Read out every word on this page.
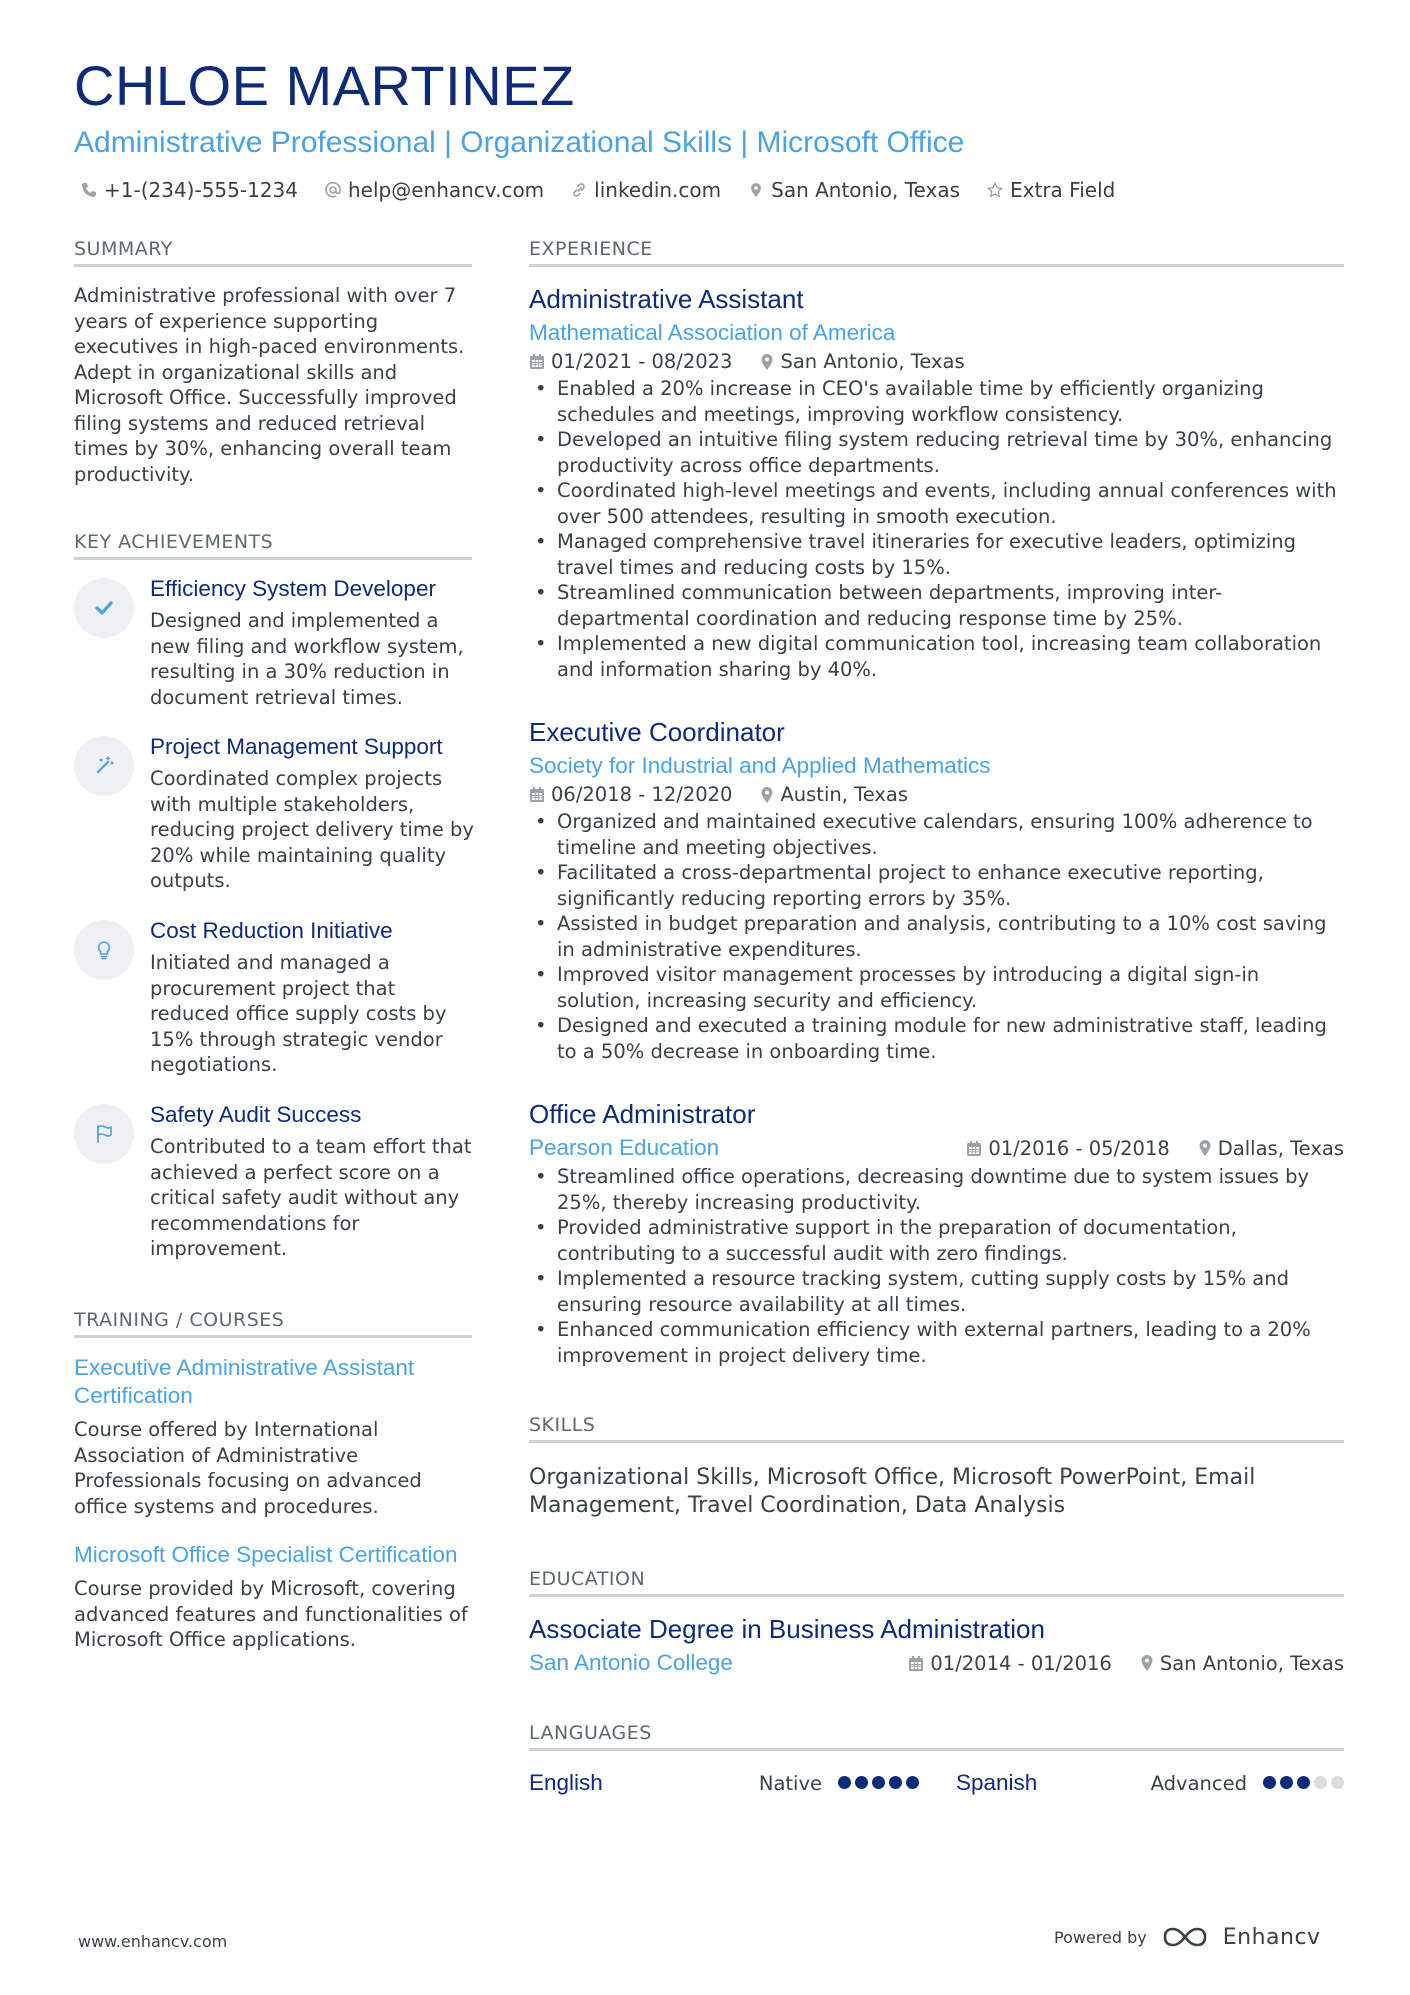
CHLOE MARTINEZ
Administrative Professional | Organizational Skills | Microsoft Office
+1-(234)-555-1234	help@enhancv.com	linkedin.com	San Antonio, Texas	Extra Field
SUMMARY
Administrative professional with over 7 years of experience supporting executives in high-paced environments. Adept in organizational skills and Microsoft Office. Successfully improved filing systems and reduced retrieval times by 30%, enhancing overall team productivity.
KEY ACHIEVEMENTS
Efficiency System Developer
Designed and implemented a new filing and workflow system, resulting in a 30% reduction in document retrieval times.
Project Management Support
Coordinated complex projects with multiple stakeholders, reducing project delivery time by 20% while maintaining quality outputs.
Cost Reduction Initiative
Initiated and managed a procurement project that reduced office supply costs by 15% through strategic vendor negotiations.
Safety Audit Success
Contributed to a team effort that achieved a perfect score on a critical safety audit without any recommendations for improvement.
TRAINING / COURSES
Executive Administrative Assistant Certification
Course offered by International Association of Administrative Professionals focusing on advanced office systems and procedures.
Microsoft Office Specialist Certification
Course provided by Microsoft, covering advanced features and functionalities of Microsoft Office applications.
EXPERIENCE
Administrative Assistant
Mathematical Association of America
01/2021 - 08/2023 San Antonio, Texas
• Enabled a 20% increase in CEO's available time by efficiently organizing schedules and meetings, improving workflow consistency.
• Developed an intuitive filing system reducing retrieval time by 30%, enhancing productivity across office departments.
• Coordinated high-level meetings and events, including annual conferences with over 500 attendees, resulting in smooth execution.
• Managed comprehensive travel itineraries for executive leaders, optimizing travel times and reducing costs by 15%.
• Streamlined communication between departments, improving inter-departmental coordination and reducing response time by 25%.
• Implemented a new digital communication tool, increasing team collaboration and information sharing by 40%.
Executive Coordinator
Society for Industrial and Applied Mathematics
06/2018 - 12/2020 Austin, Texas
• Organized and maintained executive calendars, ensuring 100% adherence to timeline and meeting objectives.
• Facilitated a cross-departmental project to enhance executive reporting, significantly reducing reporting errors by 35%.
• Assisted in budget preparation and analysis, contributing to a 10% cost saving in administrative expenditures.
• Improved visitor management processes by introducing a digital sign-in solution, increasing security and efficiency.
• Designed and executed a training module for new administrative staff, leading to a 50% decrease in onboarding time.
Office Administrator
Pearson Education	01/2016 - 05/2018 Dallas, Texas
• Streamlined office operations, decreasing downtime due to system issues by 25%, thereby increasing productivity.
• Provided administrative support in the preparation of documentation, contributing to a successful audit with zero findings.
• Implemented a resource tracking system, cutting supply costs by 15% and ensuring resource availability at all times.
• Enhanced communication efficiency with external partners, leading to a 20% improvement in project delivery time.
SKILLS
Organizational Skills, Microsoft Office, Microsoft PowerPoint, Email Management, Travel Coordination, Data Analysis
EDUCATION
Associate Degree in Business Administration
San Antonio College	01/2014 - 01/2016 San Antonio, Texas
LANGUAGES
English	Native	Spanish	Advanced
www.enhancv.com	Powered by	Enhancv
